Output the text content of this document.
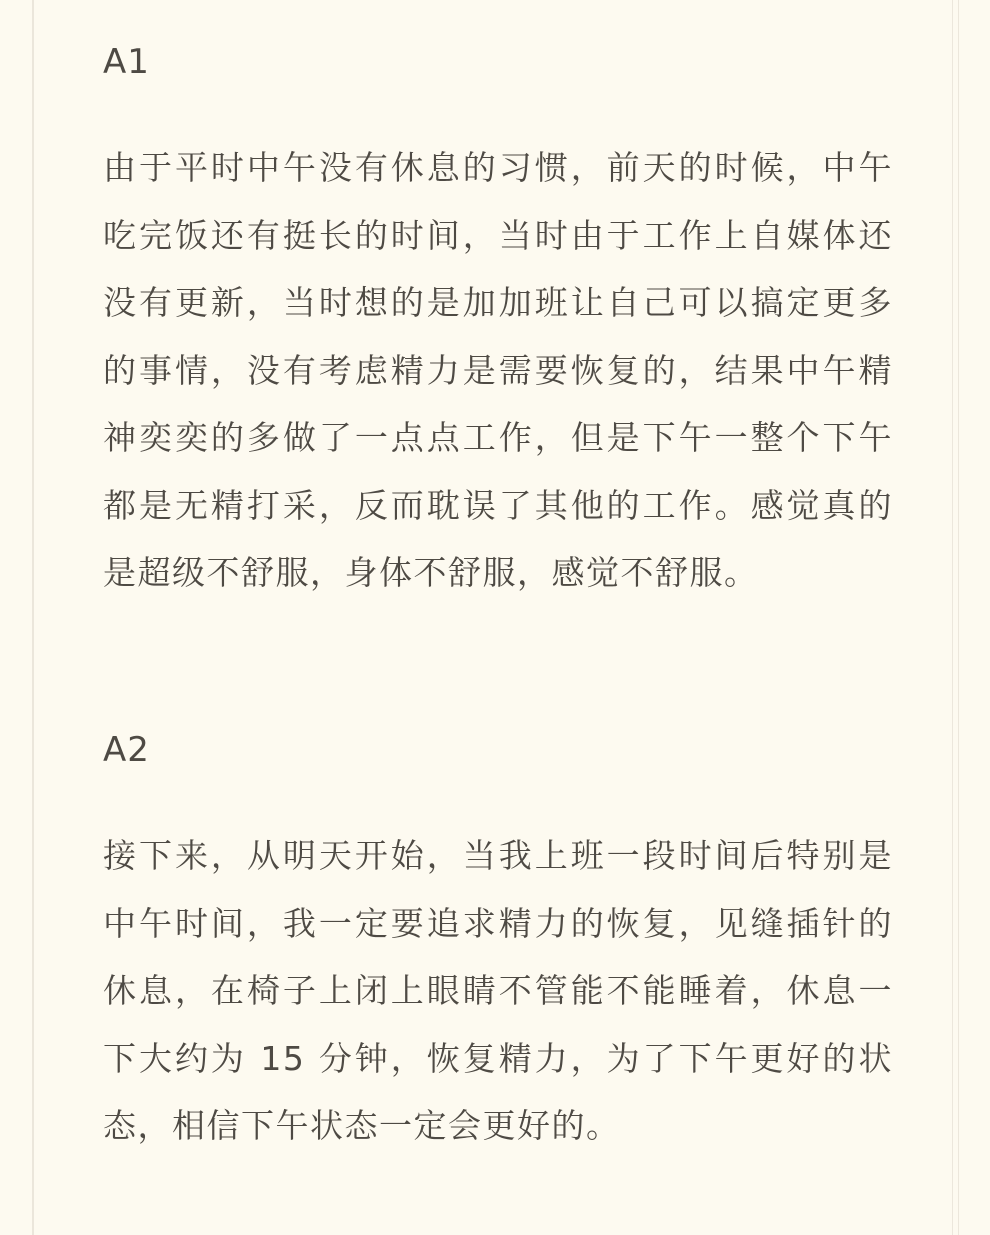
A1

由于平时中午没有休息的习惯，前天的时候，中午吃完饭还有挺长的时间，当时由于工作上自媒体还没有更新，当时想的是加加班让自己可以搞定更多的事情，没有考虑精力是需要恢复的，结果中午精神奕奕的多做了一点点工作，但是下午一整个下午都是无精打采，反而耽误了其他的工作。感觉真的是超级不舒服，身体不舒服，感觉不舒服。

A2

接下来，从明天开始，当我上班一段时间后特别是中午时间，我一定要追求精力的恢复，见缝插针的休息，在椅子上闭上眼睛不管能不能睡着，休息一下大约为 15 分钟，恢复精力，为了下午更好的状态，相信下午状态一定会更好的。
